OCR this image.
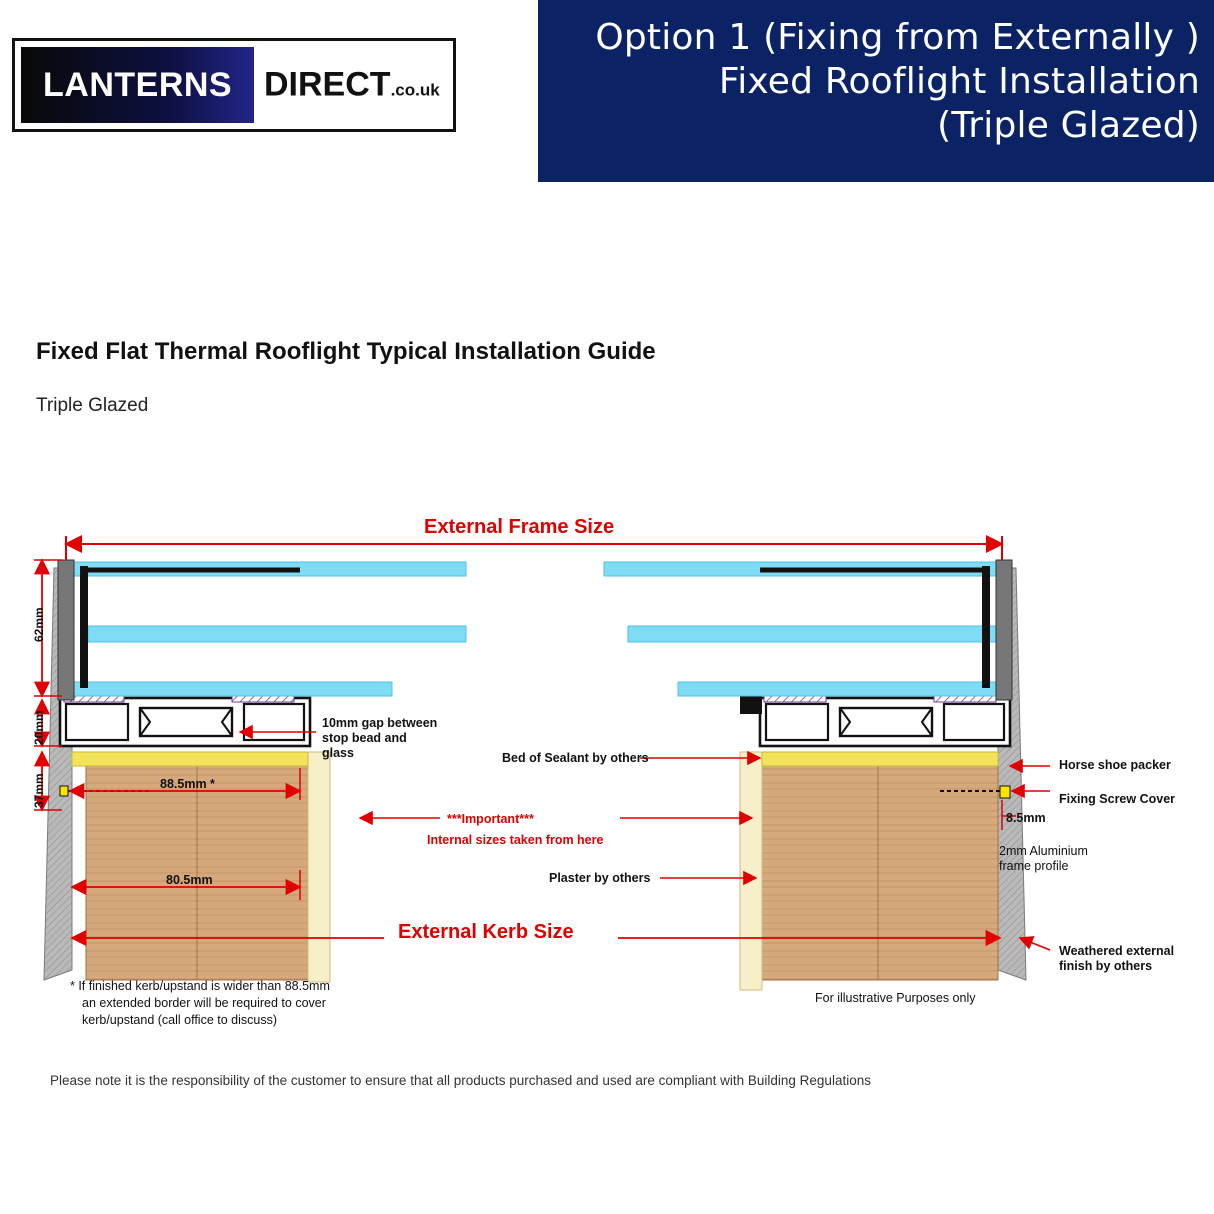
Option 1 (Fixing from Externally )
Fixed Rooflight Installation
(Triple Glazed)
LANTERNS DIRECT.co.uk
Fixed Flat Thermal Rooflight Typical Installation Guide
Triple Glazed
External Frame Size
External Kerb Size
62mm
20mm
37mm	88.5mm *
80.5mm
8.5mm
10mm gap between
stop bead and glass	Bed of Sealant by others
Plaster by others
***Important***
Internal sizes taken from here
Horse shoe packer
Fixing Screw Cover
2mm Aluminium
frame profile
Weathered external
finish by others
* If finished kerb/upstand is wider than 88.5mm
an extended border will be required to cover
kerb/upstand (call office to discuss)
For illustrative Purposes only
Please note it is the responsibility of the customer to ensure that all products purchased and used are compliant with Building Regulations
